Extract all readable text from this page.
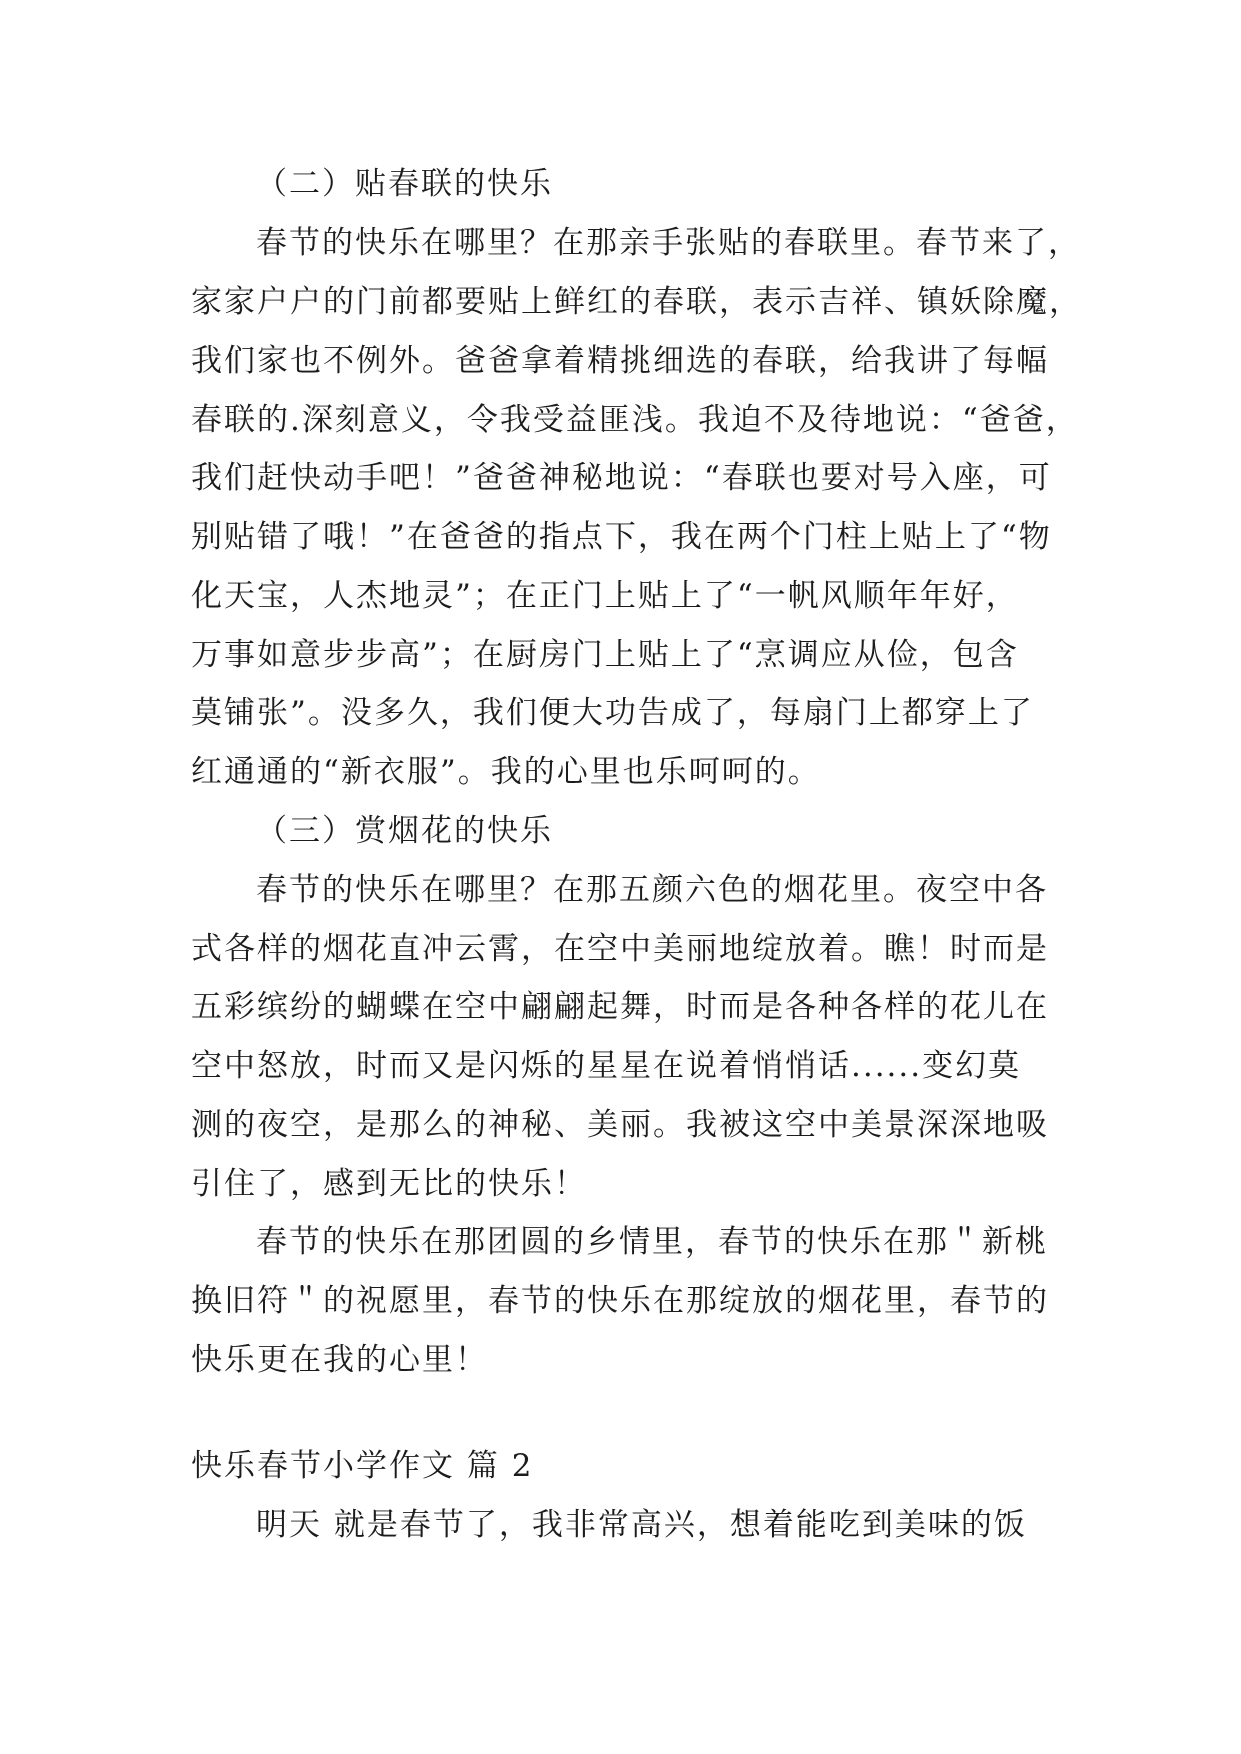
（二）贴春联的快乐

春节的快乐在哪里？在那亲手张贴的春联里。春节来了，

家家户户的门前都要贴上鲜红的春联，表示吉祥、镇妖除魔，

我们家也不例外。爸爸拿着精挑细选的春联，给我讲了每幅

春联的.深刻意义，令我受益匪浅。我迫不及待地说：“爸爸，

我们赶快动手吧！”爸爸神秘地说：“春联也要对号入座，可

别贴错了哦！”在爸爸的指点下，我在两个门柱上贴上了“物

化天宝，人杰地灵”；在正门上贴上了“一帆风顺年年好，

万事如意步步高”；在厨房门上贴上了“烹调应从俭，包含

莫铺张”。没多久，我们便大功告成了，每扇门上都穿上了

红通通的“新衣服”。我的心里也乐呵呵的。

（三）赏烟花的快乐

春节的快乐在哪里？在那五颜六色的烟花里。夜空中各

式各样的烟花直冲云霄，在空中美丽地绽放着。瞧！时而是

五彩缤纷的蝴蝶在空中翩翩起舞，时而是各种各样的花儿在

空中怒放，时而又是闪烁的星星在说着悄悄话......变幻莫

测的夜空，是那么的神秘、美丽。我被这空中美景深深地吸

引住了，感到无比的快乐！

春节的快乐在那团圆的乡情里，春节的快乐在那＂新桃

换旧符＂的祝愿里，春节的快乐在那绽放的烟花里，春节的

快乐更在我的心里！

快乐春节小学作文 篇 2

明天 就是春节了，我非常高兴，想着能吃到美味的饭
